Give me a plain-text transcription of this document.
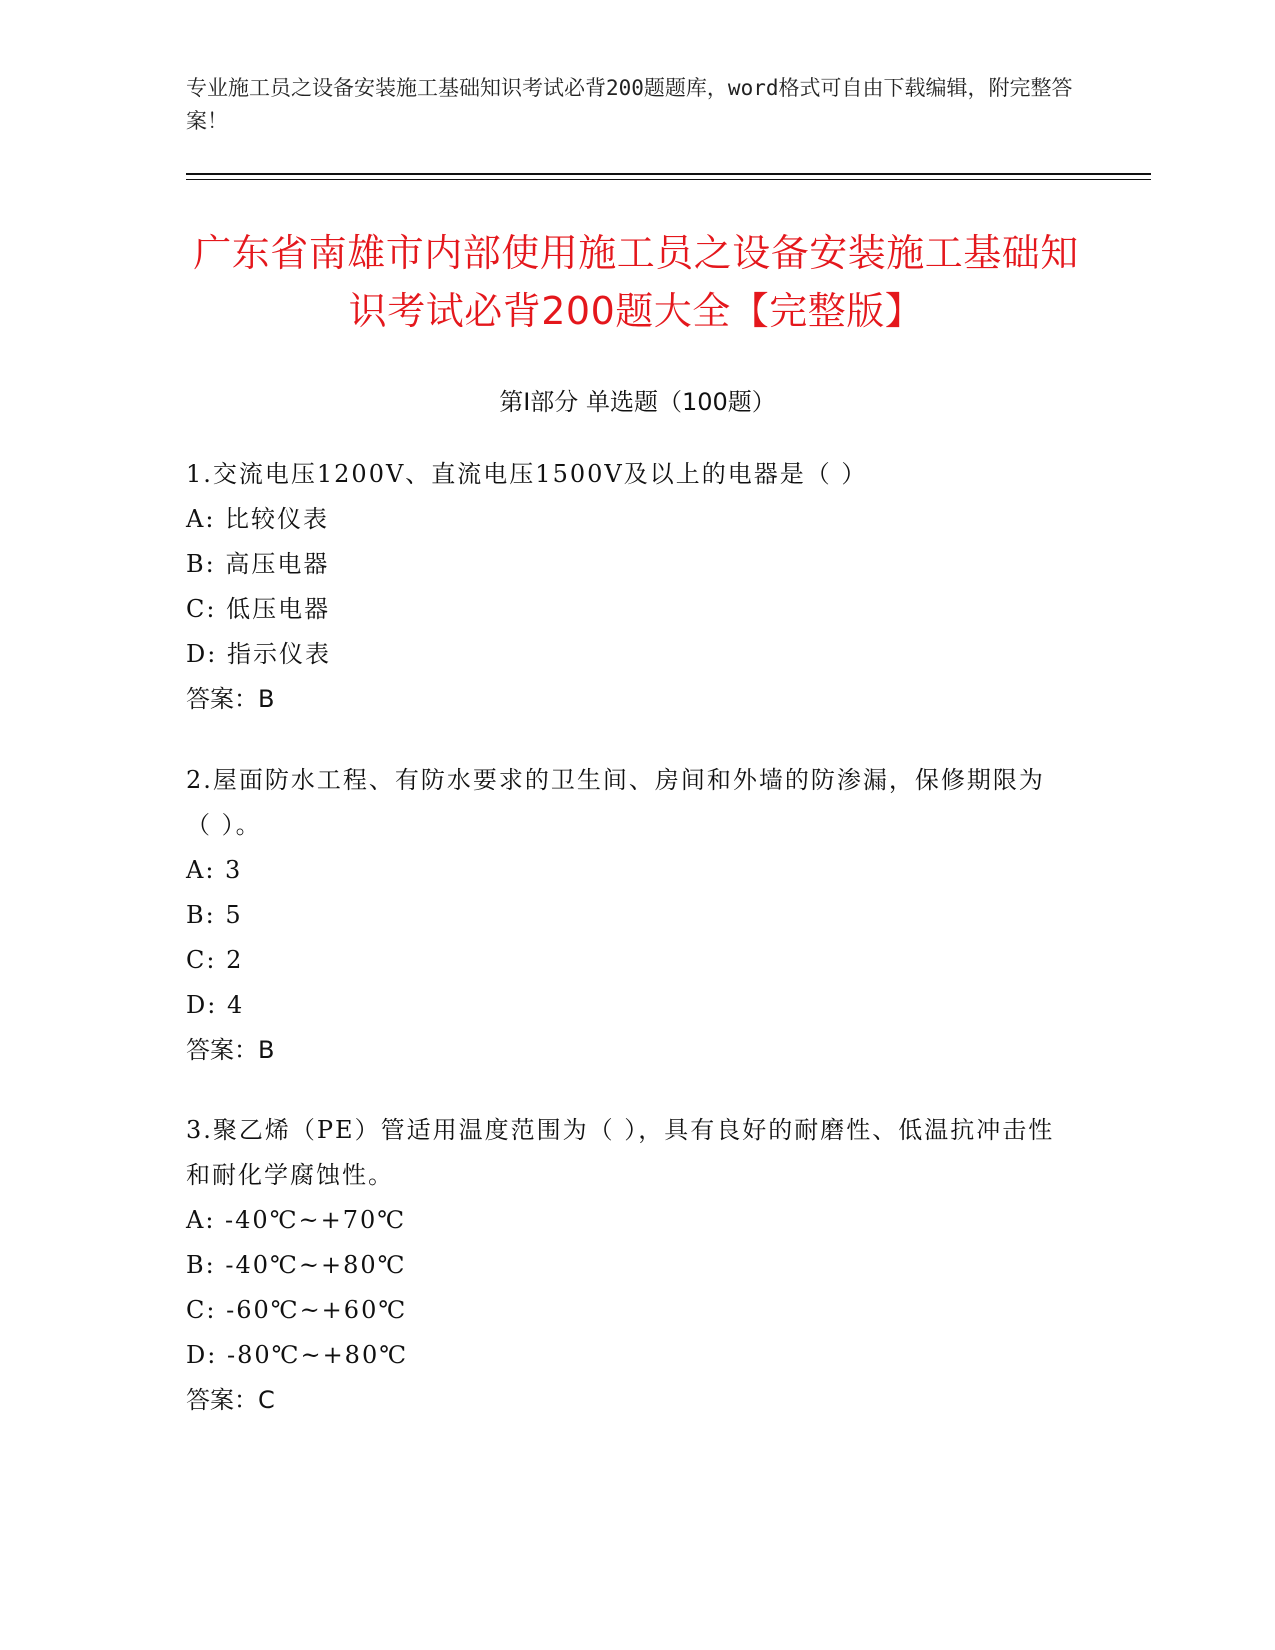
专业施工员之设备安装施工基础知识考试必背200题题库，word格式可自由下载编辑，附完整答案！
广东省南雄市内部使用施工员之设备安装施工基础知识考试必背200题大全【完整版】
第Ⅰ部分 单选题（100题）
1.交流电压1200V、直流电压1500V及以上的电器是（ ）
A: 比较仪表
B: 高压电器
C: 低压电器
D: 指示仪表
答案：B
2.屋面防水工程、有防水要求的卫生间、房间和外墙的防渗漏，保修期限为（ ）。
A: 3
B: 5
C: 2
D: 4
答案：B
3.聚乙烯（PE）管适用温度范围为（ ），具有良好的耐磨性、低温抗冲击性和耐化学腐蚀性。
A: -40℃~+70℃
B: -40℃~+80℃
C: -60℃~+60℃
D: -80℃~+80℃
答案：C
